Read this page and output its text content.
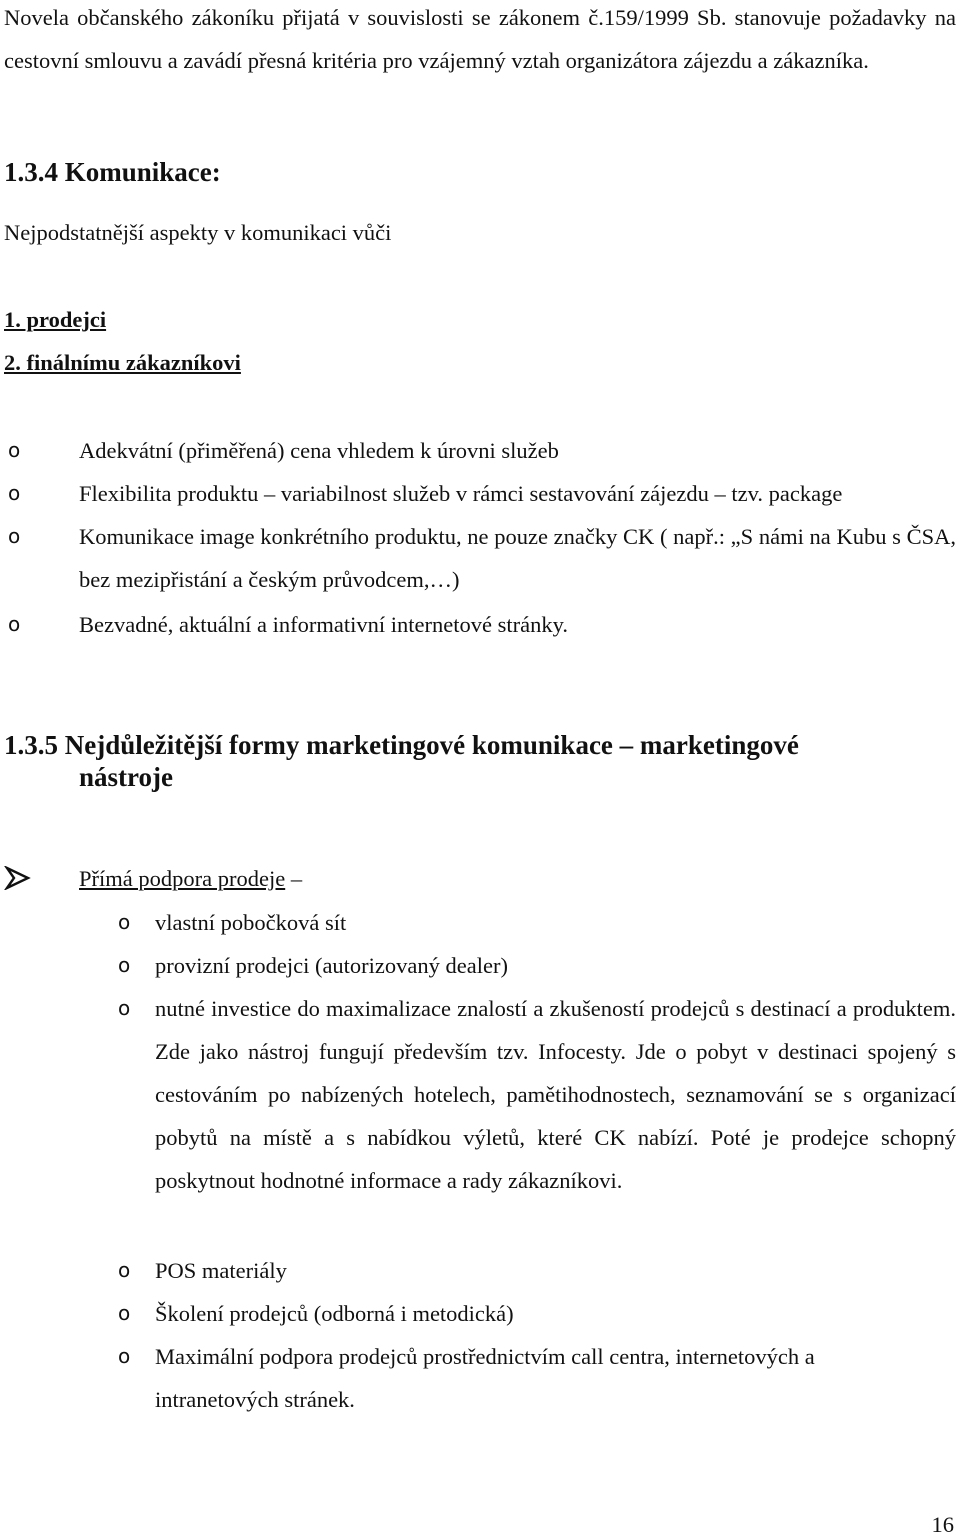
Novela občanského zákoníku přijatá v souvislosti se zákonem č.159/1999 Sb. stanovuje požadavky na cestovní smlouvu a zavádí přesná kritéria pro vzájemný vztah organizátora zájezdu a zákazníka.

1.3.4 Komunikace:

Nejpodstatnější aspekty v komunikaci vůči

1. prodejci

2. finálnímu zákazníkovi

o	Adekvátní (přiměřená) cena vhledem k úrovni služeb
o	Flexibilita produktu – variabilnost služeb v rámci sestavování zájezdu – tzv. package
o	Komunikace image konkrétního produktu, ne pouze značky CK ( např.: „S námi na Kubu s ČSA, bez mezipřistání a českým průvodcem,…)
o	Bezvadné, aktuální a informativní internetové stránky.
1.3.5 Nejdůležitější formy marketingové komunikace – marketingové
nástroje

Přímá podpora prodeje –

o vlastní pobočková sít
o provizní prodejci (autorizovaný dealer)
o nutné investice do maximalizace znalostí a zkušeností prodejců s destinací a produktem. Zde jako nástroj fungují především tzv. Infocesty. Jde o pobyt v destinaci spojený s cestováním po nabízených hotelech, pamětihodnostech, seznamování se s organizací pobytů na místě a s nabídkou výletů, které CK nabízí. Poté je prodejce schopný poskytnout hodnotné informace a rady zákazníkovi.
o POS materiály
o Školení prodejců (odborná i metodická)
o Maximální podpora prodejců prostřednictvím call centra, internetových a intranetových stránek.
16
